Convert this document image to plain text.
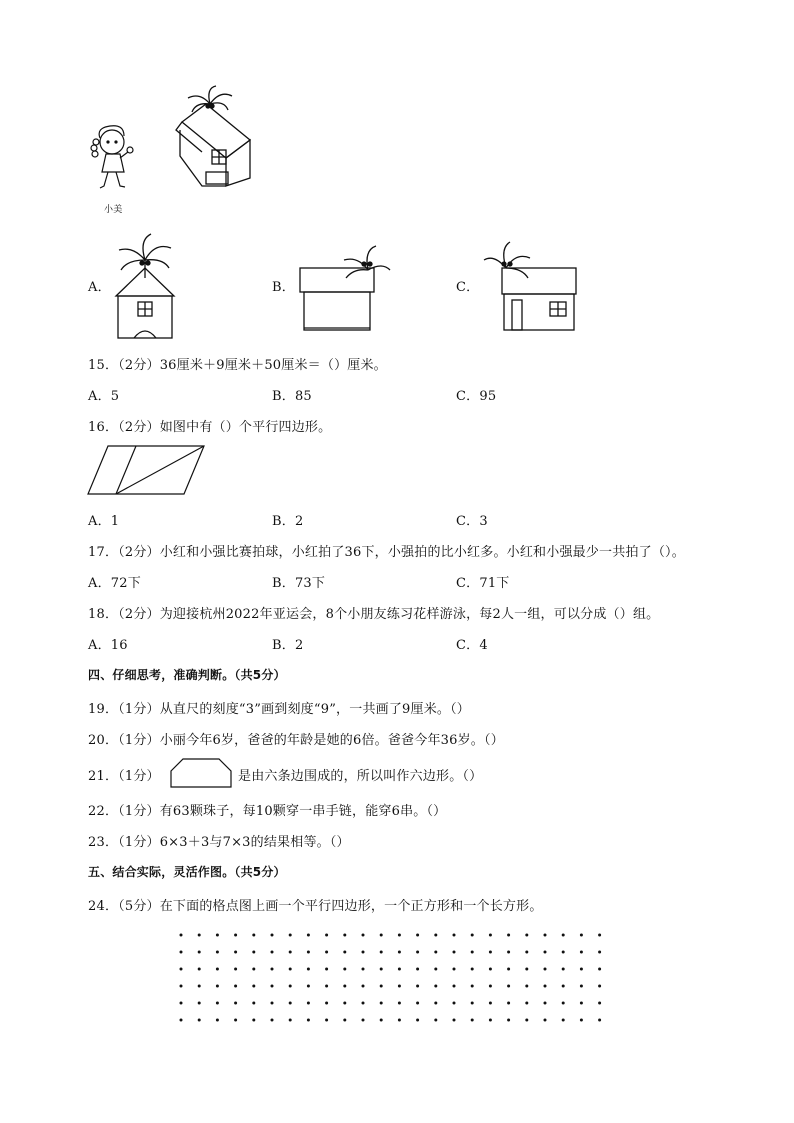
小美
A．	B．	C．
15．（2分）36厘米＋9厘米＋50厘米＝（）厘米。
A．5	B．85	C．95
16．（2分）如图中有（）个平行四边形。
A．1	B．2	C．3
17．（2分）小红和小强比赛拍球，小红拍了36下，小强拍的比小红多。小红和小强最少一共拍了（）。
A．72下	B．73下	C．71下
18．（2分）为迎接杭州2022年亚运会，8个小朋友练习花样游泳，每2人一组，可以分成（）组。
A．16	B．2	C．4
四、仔细思考，准确判断。（共5分）
19．（1分）从直尺的刻度“3”画到刻度“9”，一共画了9厘米。（）
20．（1分）小丽今年6岁，爸爸的年龄是她的6倍。爸爸今年36岁。（）
21．（1分）	是由六条边围成的，所以叫作六边形。（）
22．（1分）有63颗珠子，每10颗穿一串手链，能穿6串。（）
23．（1分）6×3＋3与7×3的结果相等。（）
五、结合实际，灵活作图。（共5分）
24．（5分）在下面的格点图上画一个平行四边形，一个正方形和一个长方形。
